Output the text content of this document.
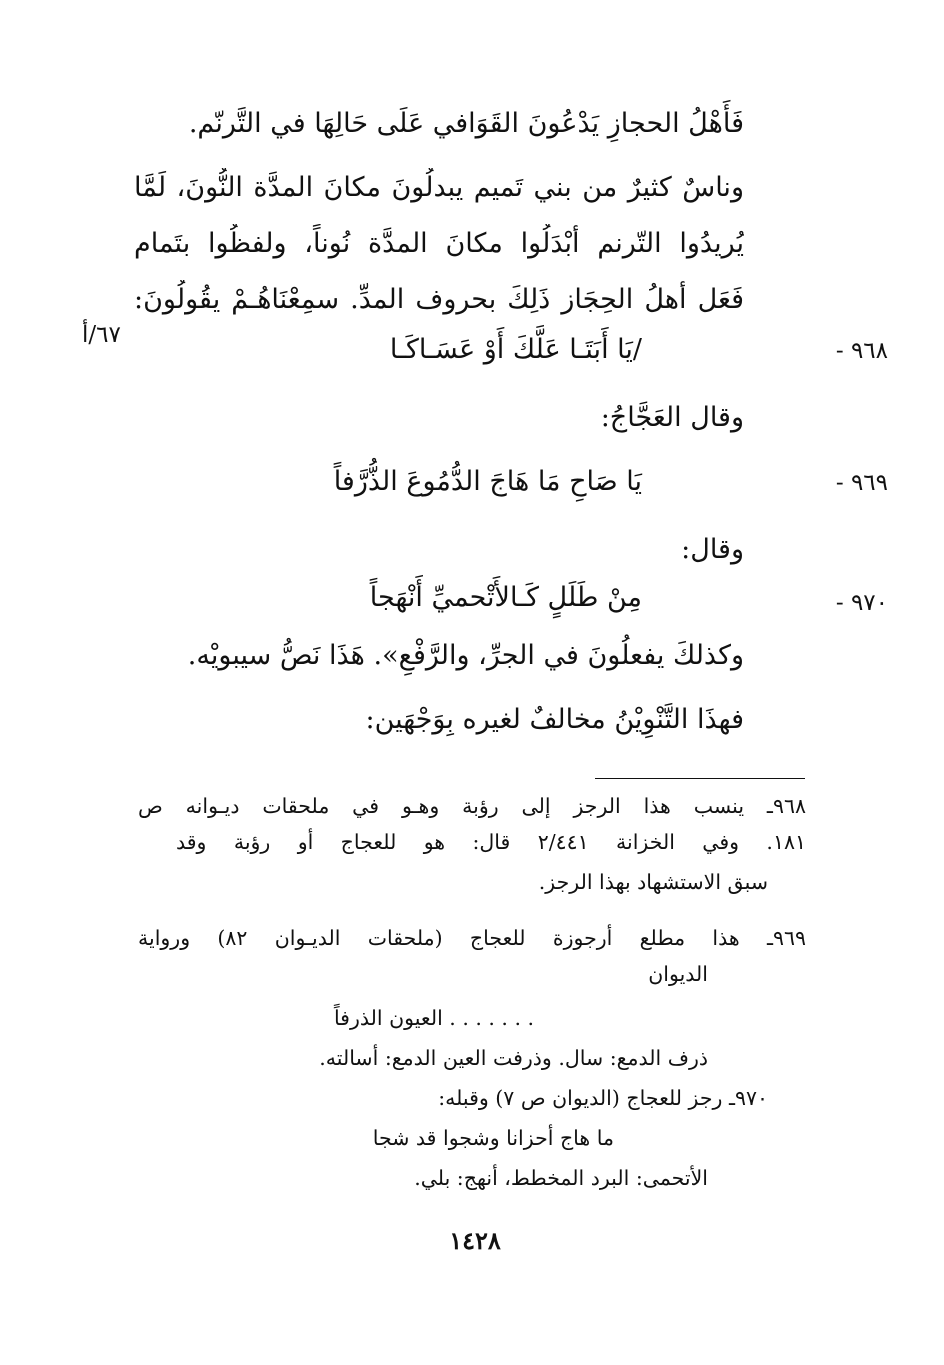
فَأَهْلُ الحجازِ يَدْعُونَ القَوَافي عَلَى حَالِهَا في التَّرنّم.
وناسٌ كثيرٌ من بني تَميم يبدلُونَ مكانَ المدَّة النُّونَ، لَمَّا
يُريدُوا التّرنم أَبْدَلُوا مكانَ المدَّة نُوناً، ولفظُوا بتَمام
فَعَل أهلُ الحِجَاز ذَلِكَ بحروف المدِّ. سمِعْنَاهُـمْ يقُولُونَ:
٩٦٨ -
٦٧/أ	/يَا أَبَتَـا عَلَّكَ أَوْ عَسَـاكَـا
وقال العَجَّاجُ:
٩٦٩ -
يَا صَاحِ مَا هَاجَ الدُّمُوعَ الذُّرَّفاً
وقال:
٩٧٠ -
مِنْ طَلَلٍ كَـالأَتْحميِّ أَنْهَجاً
وكذلكَ يفعلُونَ في الجرِّ، والرَّفْعِ». هَذَا نَصُّ سيبويْه.
فهذَا التَّنْوِيْنُ مخالفٌ لغيره بِوَجْهَين:
٩٦٨ـ ينسب هذا الرجز إلى رؤبة وهـو في ملحقات ديـوانه ص
١٨١. وفي الخزانة ٢/٤٤١ قال: هو للعجاج أو رؤبة وقد
سبق الاستشهاد بهذا الرجز.
٩٦٩ـ هذا مطلع أرجوزة للعجاج (ملحقات الديـوان ٨٢) ورواية
الديوان
. . . . . . . العيون الذرفاً
ذرف الدمع: سال. وذرفت العين الدمع: أسالته.
٩٧٠ـ رجز للعجاج (الديوان ص ٧) وقبله:
ما هاج أحزانا وشجوا قد شجا
الأتحمى: البرد المخطط، أنهج: بلي.
١٤٢٨
